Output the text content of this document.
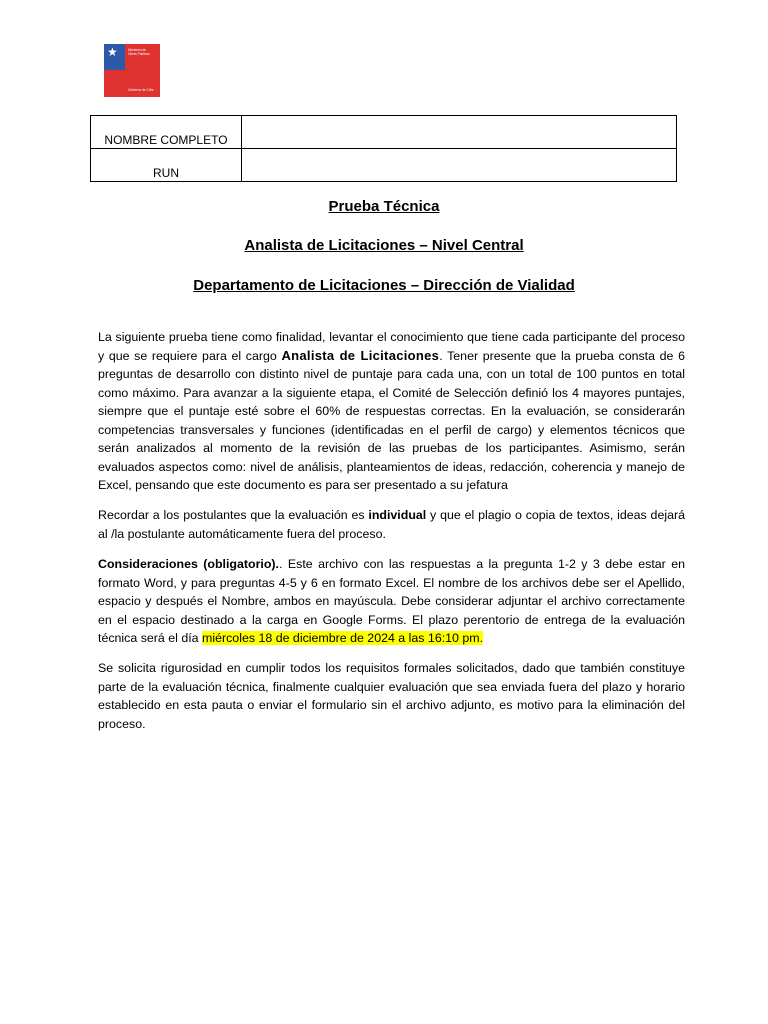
★	Ministerio de
Obras Públicas
Gobierno de Chile
NOMBRE COMPLETO	
RUN	
Prueba Técnica
Analista de Licitaciones – Nivel Central
Departamento de Licitaciones – Dirección de Vialidad
La siguiente prueba tiene como finalidad, levantar el conocimiento que tiene cada participante del proceso y que se requiere para el cargo Analista de Licitaciones. Tener presente que la prueba consta de 6 preguntas de desarrollo con distinto nivel de puntaje para cada una, con un total de 100 puntos en total como máximo. Para avanzar a la siguiente etapa, el Comité de Selección definió los 4 mayores puntajes, siempre que el puntaje esté sobre el 60% de respuestas correctas. En la evaluación, se considerarán competencias transversales y funciones (identificadas en el perfil de cargo) y elementos técnicos que serán analizados al momento de la revisión de las pruebas de los participantes. Asimismo, serán evaluados aspectos como: nivel de análisis, planteamientos de ideas, redacción, coherencia y manejo de Excel, pensando que este documento es para ser presentado a su jefatura
Recordar a los postulantes que la evaluación es individual y que el plagio o copia de textos, ideas dejará al /la postulante automáticamente fuera del proceso.
Consideraciones (obligatorio).. Este archivo con las respuestas a la pregunta 1-2 y 3 debe estar en formato Word, y para preguntas 4-5 y 6 en formato Excel. El nombre de los archivos debe ser el Apellido, espacio y después el Nombre, ambos en mayúscula. Debe considerar adjuntar el archivo correctamente en el espacio destinado a la carga en Google Forms. El plazo perentorio de entrega de la evaluación técnica será el día miércoles 18 de diciembre de 2024 a las 16:10 pm.
Se solicita rigurosidad en cumplir todos los requisitos formales solicitados, dado que también constituye parte de la evaluación técnica, finalmente cualquier evaluación que sea enviada fuera del plazo y horario establecido en esta pauta o enviar el formulario sin el archivo adjunto, es motivo para la eliminación del proceso.
